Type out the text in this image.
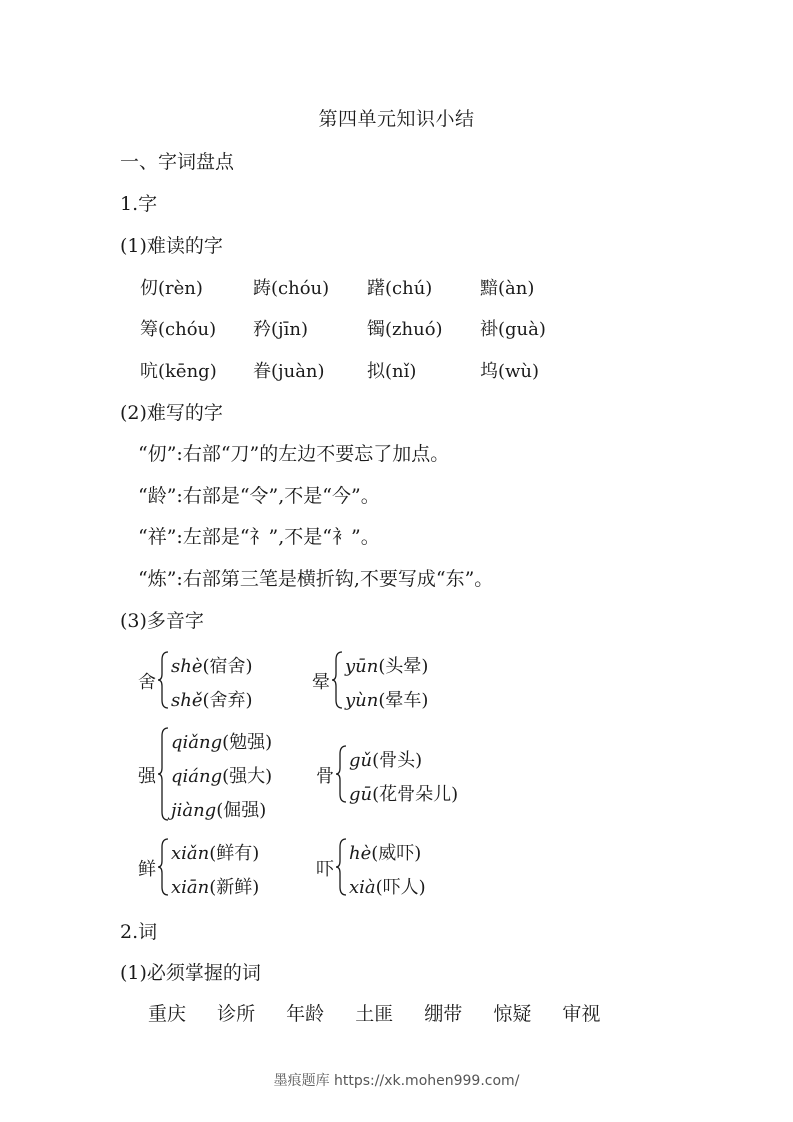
第四单元知识小结
一、字词盘点
1.字
(1)难读的字
仞(rèn)	踌(chóu) 躇(chú)	黯(àn)
筹(chóu) 矜(jīn)	镯(zhuó) 褂(guà)
吭(kēng) 眷(juàn) 拟(nǐ)	坞(wù)
(2)难写的字
“仞”:右部“刀”的左边不要忘了加点。
“龄”:右部是“令”,不是“今”。
“祥”:左部是“礻”,不是“衤”。
“炼”:右部第三笔是横折钩,不要写成“东”。
(3)多音字
舍
shè(宿舍)
shě(舍弃)
晕
yūn(头晕)
yùn(晕车)
强
qiǎng(勉强)
qiáng(强大)
jiàng(倔强)
骨
gǔ(骨头)
gū(花骨朵儿)
鲜
xiǎn(鲜有)
xiān(新鲜)
吓
hè(威吓)
xià(吓人)
2.词
(1)必须掌握的词
重庆 诊所 年龄 土匪 绷带 惊疑 审视
墨痕题库 https://xk.mohen999.com/
